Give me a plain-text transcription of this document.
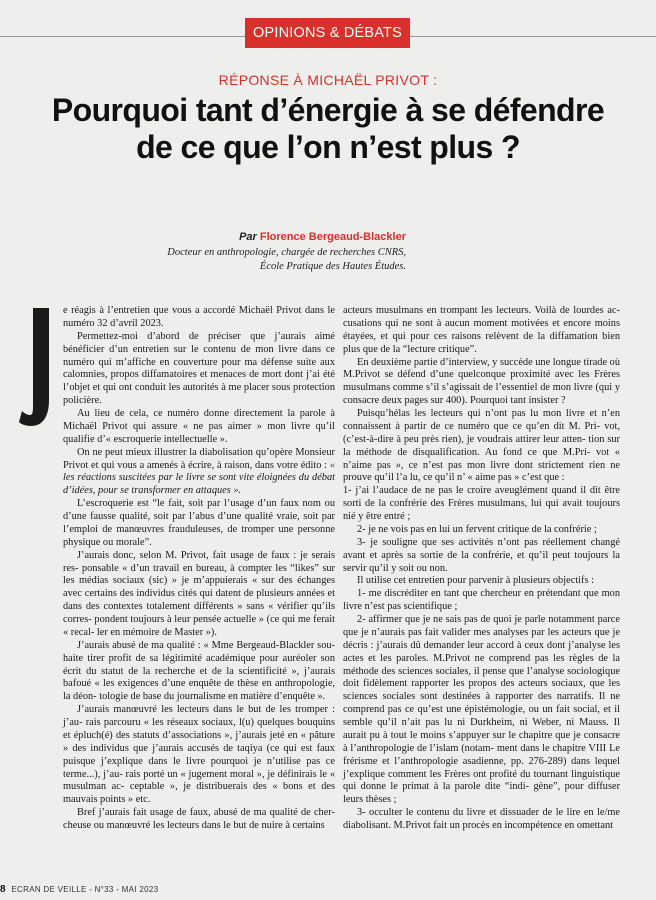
OPINIONS & DÉBATS
RÉPONSE À MICHAËL PRIVOT :
Pourquoi tant d’énergie à se défendre
de ce que l’on n’est plus ?
Par Florence Bergeaud-Blackler
Docteur en anthropologie, chargée de recherches CNRS,
École Pratique des Hautes Études.

e réagis à l’entretien que vous a accordé Michaël Privot dans le numéro 32 d’avril 2023.

Permettez-moi d’abord de préciser que j’aurais aimé bénéficier d’un entretien sur le contenu de mon livre dans ce numéro qui m’affiche en couverture pour ma défense suite aux calomnies, propos diffamatoires et menaces de mort dont j’ai été l’objet et qui ont conduit les autorités à me placer sous protection policière.

Au lieu de cela, ce numéro donne directement la parole à Michaël Privot qui assure « ne pas aimer » mon livre qu’il qualifie d’« escroquerie intellectuelle ».

On ne peut mieux illustrer la diabolisation qu’opère Monsieur Privot et qui vous a amenés à écrire, à raison, dans votre édito : « les réactions suscitées par le livre se sont vite éloignées du débat d’idées, pour se transformer en attaques ».

L’escroquerie est “le fait, soit par l’usage d’un faux nom ou d’une fausse qualité, soit par l’abus d’une qualité vraie, soit par l’emploi de manœuvres frauduleuses, de tromper une personne physique ou morale”.

J’aurais donc, selon M. Privot, fait usage de faux : je serais res- ponsable « d’un travail en bureau, à compter les “likes” sur les médias sociaux (sic) » je m’appuierais « sur des échanges avec certains des individus cités qui datent de plusieurs années et dans des contextes totalement différents » sans « vérifier qu’ils corres- pondent toujours à leur pensée actuelle » (ce qui me ferait « recal- ler en mémoire de Master »).

J’aurais abusé de ma qualité : « Mme Bergeaud-Blackler sou- haite tirer profit de sa légitimité académique pour auréoler son écrit du statut de la recherche et de la scientificité », j’aurais bafoué « les exigences d’une enquête de thèse en anthropologie, la déon- tologie de base du journalisme en matière d’enquête ».

J’aurais manœuvré les lecteurs dans le but de les tromper : j’au- rais parcouru « les réseaux sociaux, l(u) quelques bouquins et épluch(é) des statuts d’associations », j’aurais jeté en « pâture » des individus que j’aurais accusés de taqiya (ce qui est faux puisque j’explique dans le livre pourquoi je n’utilise pas ce terme...), j’au- rais porté un « jugement moral », je définirais le « musulman ac- ceptable », je distribuerais des « bons et des mauvais points » etc.

Bref j’aurais fait usage de faux, abusé de ma qualité de cher- cheuse ou manœuvré les lecteurs dans le but de nuire à certains

acteurs musulmans en trompant les lecteurs. Voilà de lourdes ac- cusations qui ne sont à aucun moment motivées et encore moins étayées, et qui pour ces raisons relèvent de la diffamation bien plus que de la “lecture critique”.

En deuxième partie d’interview, y succède une longue tirade où M.Privot se défend d’une quelconque proximité avec les Frères musulmans comme s’il s’agissait de l’essentiel de mon livre (qui y consacre deux pages sur 400). Pourquoi tant insister ?

Puisqu’hélas les lecteurs qui n’ont pas lu mon livre et n’en connaissent à partir de ce numéro que ce qu’en dit M. Pri- vot, (c’est-à-dire à peu près rien), je voudrais attirer leur atten- tion sur la méthode de disqualification. Au fond ce que M.Pri- vot « n’aime pas », ce n’est pas mon livre dont strictement rien ne prouve qu’il l’a lu, ce qu’il n’ « aime pas » c’est que :

1- j’ai l’audace de ne pas le croire aveuglément quand il dit être sorti de la confrérie des Frères musulmans, lui qui avait toujours nié y être entré ;

2- je ne vois pas en lui un fervent critique de la confrérie ;

3- je souligne que ses activités n’ont pas réellement changé avant et après sa sortie de la confrérie, et qu’il peut toujours la servir qu’il y soit ou non.

Il utilise cet entretien pour parvenir à plusieurs objectifs :

1- me discréditer en tant que chercheur en prétendant que mon livre n’est pas scientifique ;

2- affirmer que je ne sais pas de quoi je parle notamment parce que je n’aurais pas fait valider mes analyses par les acteurs que je décris : j’aurais dû demander leur accord à ceux dont j’analyse les actes et les paroles. M.Privot ne comprend pas les règles de la méthode des sciences sociales, il pense que l’analyse sociologique doit fidèlement rapporter les propos des acteurs sociaux, que les sciences sociales sont destinées à rapporter des narratifs. Il ne comprend pas ce qu’est une épistémologie, ou un fait social, et il semble qu’il n’ait pas lu ni Durkheim, ni Weber, ni Mauss. Il aurait pu à tout le moins s’appuyer sur le chapitre que je consacre à l’anthropologie de l’islam (notam- ment dans le chapitre VIII Le frérisme et l’anthropologie asadienne, pp. 276-289) dans lequel j’explique comment les Frères ont profité du tournant linguistique qui donne le primat à la parole dite “indi- gène”, pour diffuser leurs thèses ;

3- occulter le contenu du livre et dissuader de le lire en le/me diabolisant. M.Privot fait un procès en incompétence en omettant

8 ECRAN DE VEILLE - N°33 - MAI 2023
